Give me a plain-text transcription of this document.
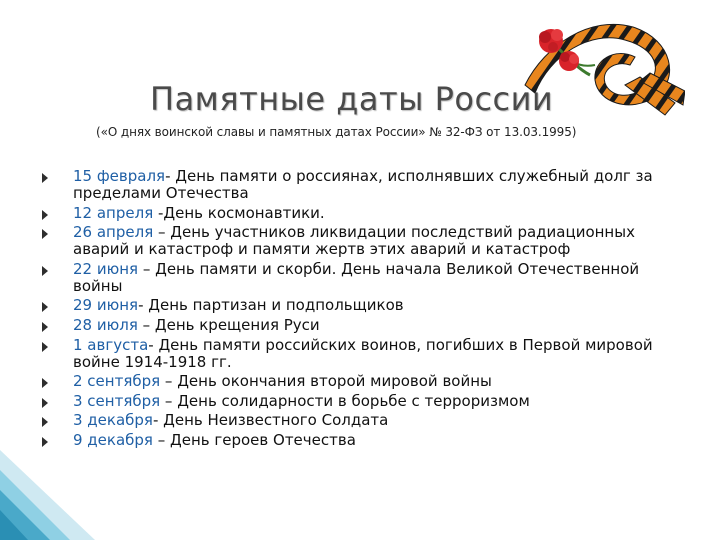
Памятные даты России
(«О днях воинской славы и памятных датах России» № 32-ФЗ от 13.03.1995)
15 февраля- День памяти о россиянах, исполнявших служебный долг за пределами Отечества
12 апреля -День космонавтики.
26 апреля – День участников ликвидации последствий радиационных аварий и катастроф и памяти жертв этих аварий и катастроф
22 июня – День памяти и скорби. День начала Великой Отечественной войны
29 июня- День партизан и подпольщиков
28 июля – День крещения Руси
1 августа- День памяти российских воинов, погибших в Первой мировой войне 1914-1918 гг.
2 сентября – День окончания второй мировой войны
3 сентября – День солидарности в борьбе с терроризмом
3 декабря- День Неизвестного Солдата
9 декабря – День героев Отечества
